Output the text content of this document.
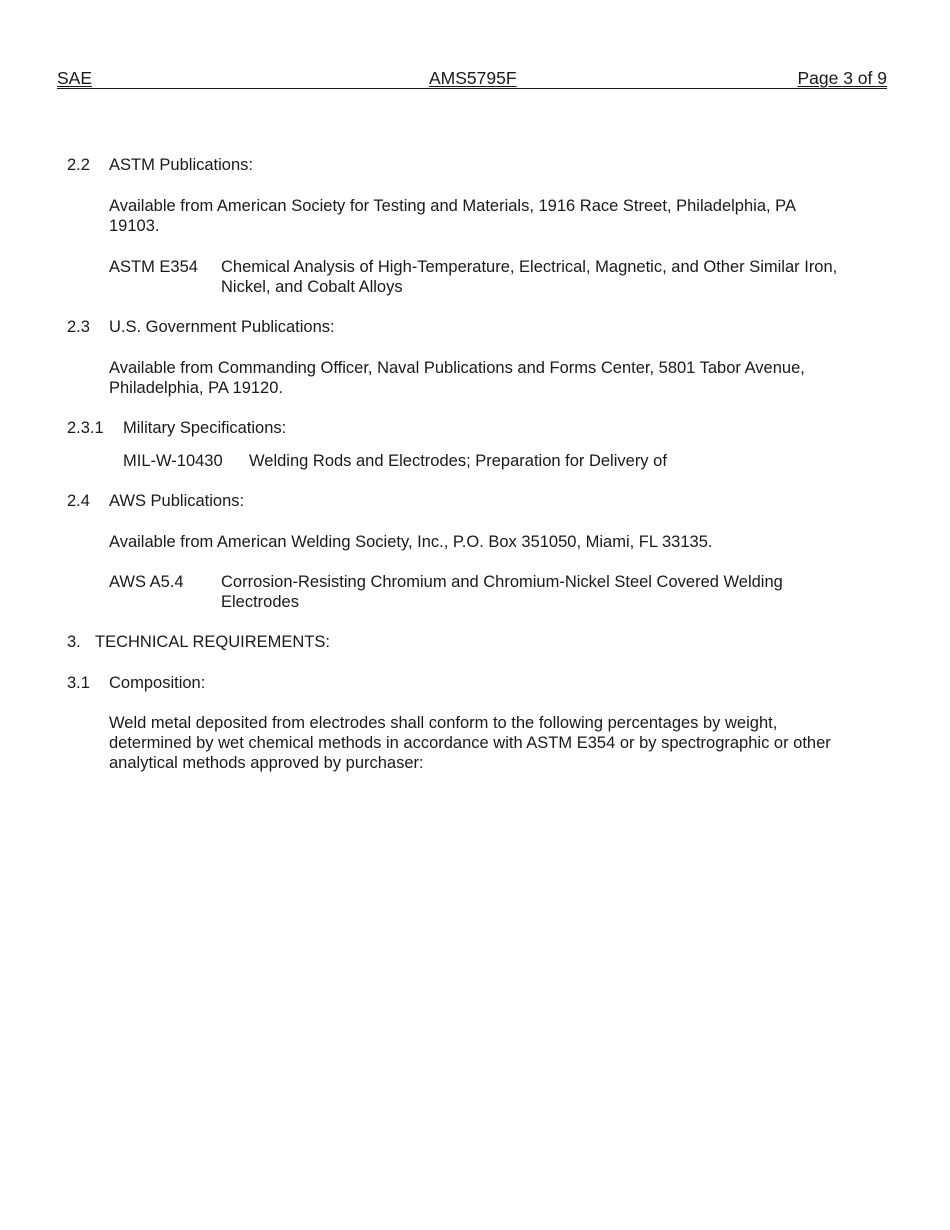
SAE	AMS5795F	Page 3 of 9
2.2 ASTM Publications:
Available from American Society for Testing and Materials, 1916 Race Street, Philadelphia, PA
19103.
ASTM E354 Chemical Analysis of High-Temperature, Electrical, Magnetic, and Other Similar Iron,
Nickel, and Cobalt Alloys
2.3 U.S. Government Publications:
Available from Commanding Officer, Naval Publications and Forms Center, 5801 Tabor Avenue,
Philadelphia, PA 19120.
2.3.1 Military Specifications:
MIL-W-10430 Welding Rods and Electrodes; Preparation for Delivery of
2.4 AWS Publications:
Available from American Welding Society, Inc., P.O. Box 351050, Miami, FL 33135.
AWS A5.4 Corrosion-Resisting Chromium and Chromium-Nickel Steel Covered Welding
Electrodes
3. TECHNICAL REQUIREMENTS:
3.1 Composition:
Weld metal deposited from electrodes shall conform to the following percentages by weight,
determined by wet chemical methods in accordance with ASTM E354 or by spectrographic or other
analytical methods approved by purchaser:
